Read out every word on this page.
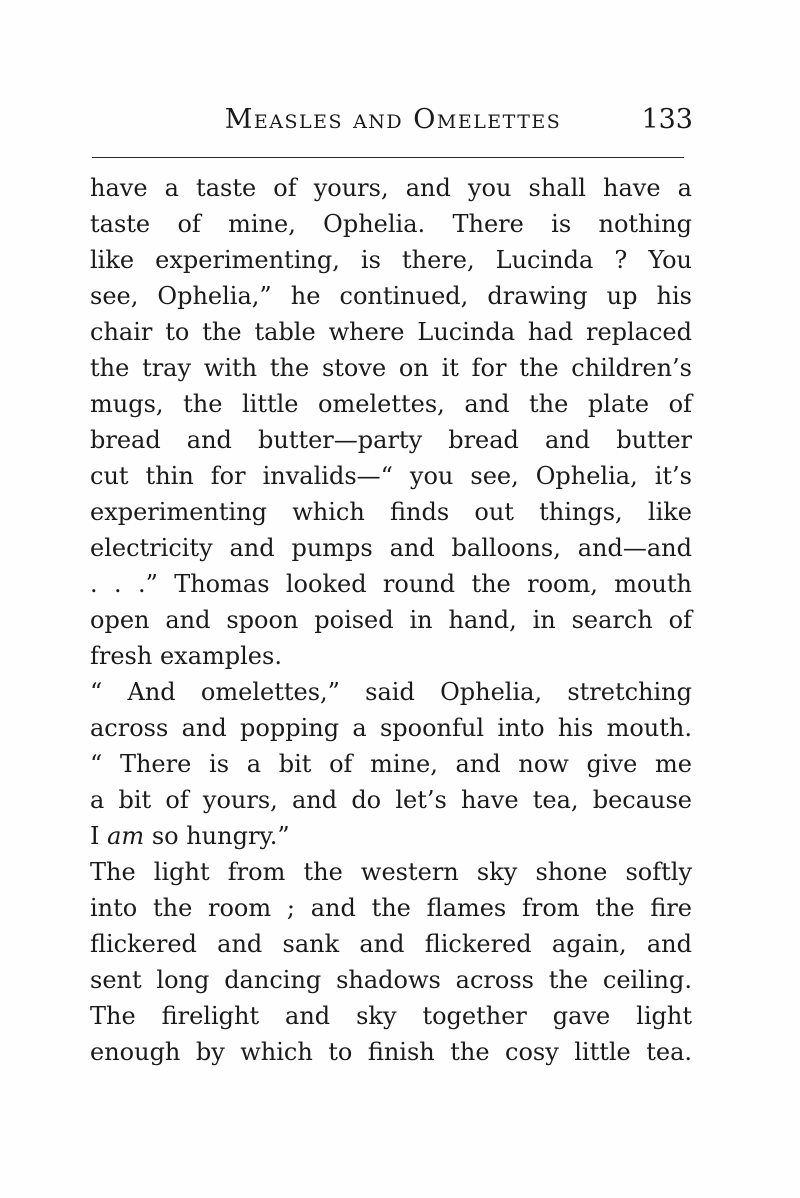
Measles and Omelettes	133
have a taste of yours, and you shall have a
taste of mine, Ophelia. There is nothing
like experimenting, is there, Lucinda ? You
see, Ophelia,” he continued, drawing up his
chair to the table where Lucinda had replaced
the tray with the stove on it for the children’s
mugs, the little omelettes, and the plate of
bread and butter—party bread and butter
cut thin for invalids—“ you see, Ophelia, it’s
experimenting which finds out things, like
electricity and pumps and balloons, and—and
. . .” Thomas looked round the room, mouth
open and spoon poised in hand, in search of
fresh examples.
“ And omelettes,” said Ophelia, stretching
across and popping a spoonful into his mouth.
“ There is a bit of mine, and now give me
a bit of yours, and do let’s have tea, because
I am so hungry.”
The light from the western sky shone softly
into the room ; and the flames from the fire
flickered and sank and flickered again, and
sent long dancing shadows across the ceiling.
The firelight and sky together gave light
enough by which to finish the cosy little tea.
